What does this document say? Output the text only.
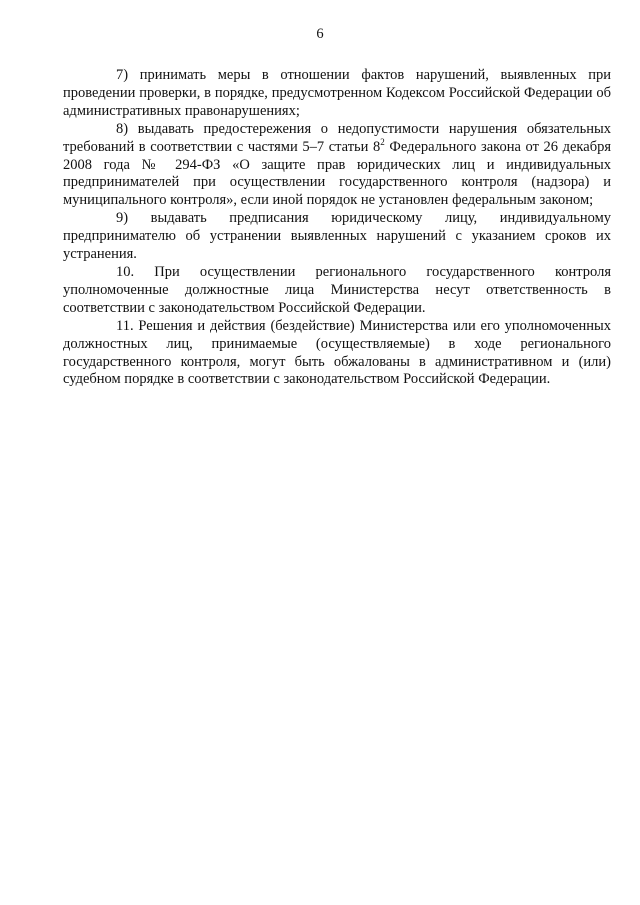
6

7) принимать меры в отношении фактов нарушений, выявленных при проведении проверки, в порядке, предусмотренном Кодексом Российской Федерации об административных правонарушениях;

8) выдавать предостережения о недопустимости нарушения обязательных требований в соответствии с частями 5–7 статьи $8^2$ Федерального закона от 26 декабря 2008 года № 294-ФЗ «О защите прав юридических лиц и индивидуальных предпринимателей при осуществлении государственного контроля (надзора) и муниципального контроля», если иной порядок не установлен федеральным законом;

9) выдавать предписания юридическому лицу, индивидуальному предпринимателю об устранении выявленных нарушений с указанием сроков их устранения.

10. При осуществлении регионального государственного контроля уполномоченные должностные лица Министерства несут ответственность в соответствии с законодательством Российской Федерации.

11. Решения и действия (бездействие) Министерства или его уполномоченных должностных лиц, принимаемые (осуществляемые) в ходе регионального государственного контроля, могут быть обжалованы в административном и (или) судебном порядке в соответствии с законодательством Российской Федерации.
